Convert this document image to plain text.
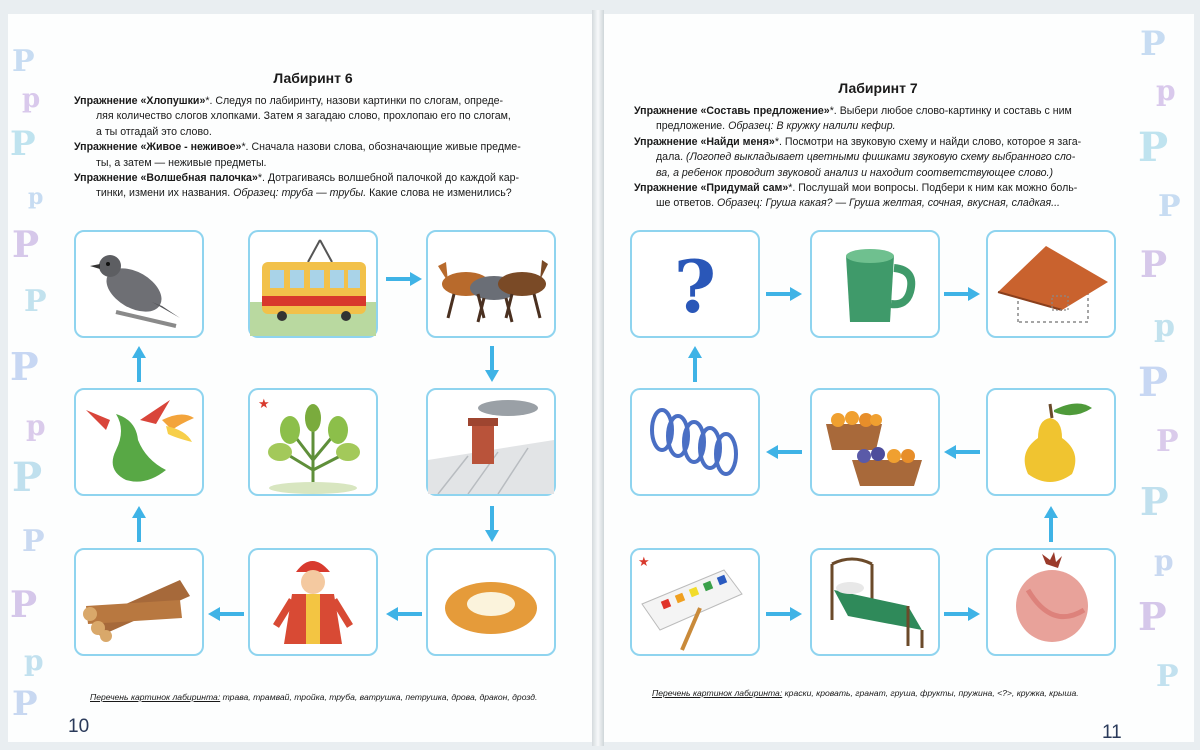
Р
р
Р
р
Р
Р
Р
р
Р
Р
Р
р
Р
Лабиринт 6

Упражнение «Хлопушки»*. Следуя по лабиринту, назови картинки по слогам, опреде-

ляя количество слогов хлопками. Затем я загадаю слово, прохлопаю его по слогам,

а ты отгадай это слово.

Упражнение «Живое - неживое»*. Сначала назови слова, обозначающие живые предме-

ты, а затем — неживые предметы.

Упражнение «Волшебная палочка»*. Дотрагиваясь волшебной палочкой до каждой кар-

тинки, измени их названия. Образец: труба — трубы. Какие слова не изменились?

★
Перечень картинок лабиринта: трава, трамвай, тройка, труба, ватрушка, петрушка, дрова, дракон, дрозд.
10
Р
р
Р
Р
Р
р
Р
Р
Р
р
Р
Р
Лабиринт 7

Упражнение «Составь предложение»*. Выбери любое слово-картинку и составь с ним

предложение. Образец: В кружку налили кефир.

Упражнение «Найди меня»*. Посмотри на звуковую схему и найди слово, которое я зага-

дала. (Логопед выкладывает цветными фишками звуковую схему выбранного сло-

ва, а ребенок проводит звуковой анализ и находит соответствующее слово.)

Упражнение «Придумай сам»*. Послушай мои вопросы. Подбери к ним как можно боль-

ше ответов. Образец: Груша какая? — Груша желтая, сочная, вкусная, сладкая...

?
★
Перечень картинок лабиринта: краски, кровать, гранат, груша, фрукты, пружина, <?>, кружка, крыша.
11
